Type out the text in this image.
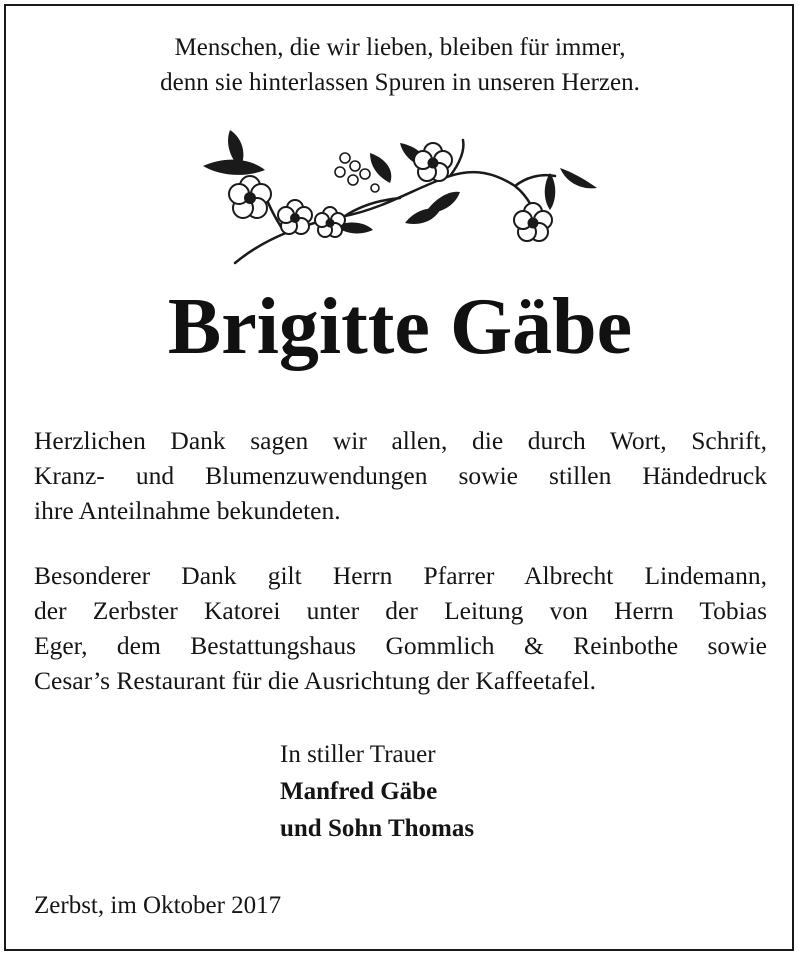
Menschen, die wir lieben, bleiben für immer,
denn sie hinterlassen Spuren in unseren Herzen.
Brigitte Gäbe
Herzlichen Dank sagen wir allen, die durch Wort, Schrift,
Kranz- und Blumenzuwendungen sowie stillen Händedruck
ihre Anteilnahme bekundeten.
Besonderer Dank gilt Herrn Pfarrer Albrecht Lindemann,
der Zerbster Katorei unter der Leitung von Herrn Tobias
Eger, dem Bestattungshaus Gommlich & Reinbothe sowie
Cesar’s Restaurant für die Ausrichtung der Kaffeetafel.
In stiller Trauer
Manfred Gäbe
und Sohn Thomas
Zerbst, im Oktober 2017
